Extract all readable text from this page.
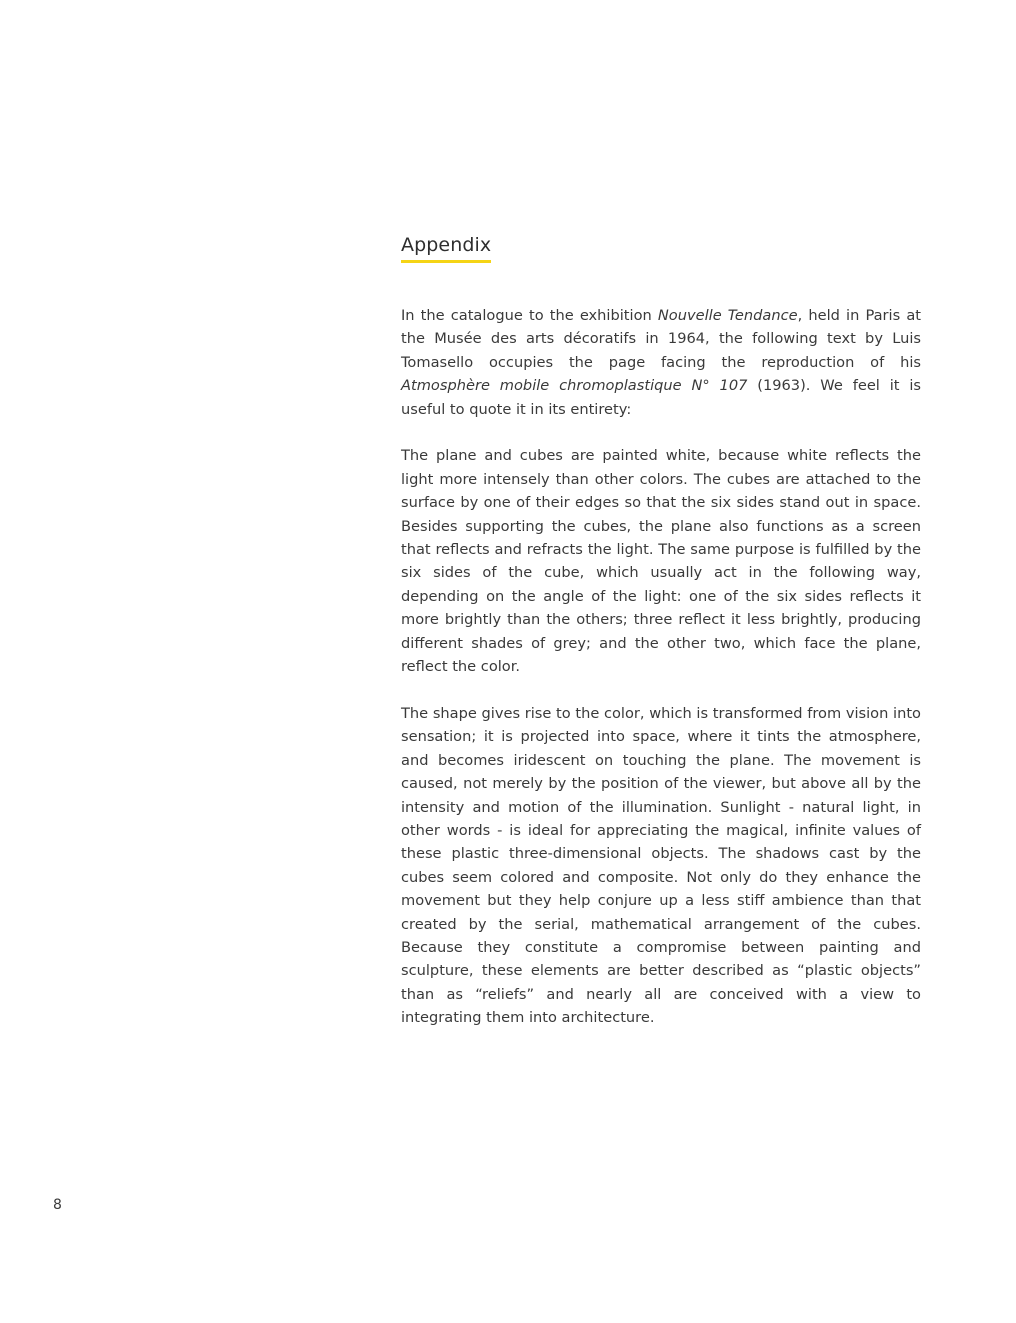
Appendix

In the catalogue to the exhibition Nouvelle Tendance, held in Paris at the Musée des arts décoratifs in 1964, the following text by Luis Tomasello occupies the page facing the reproduction of his Atmosphère mobile chromoplastique N° 107 (1963). We feel it is useful to quote it in its entirety:

The plane and cubes are painted white, because white reflects the light more intensely than other colors. The cubes are attached to the surface by one of their edges so that the six sides stand out in space. Besides supporting the cubes, the plane also functions as a screen that reflects and refracts the light. The same purpose is fulfilled by the six sides of the cube, which usually act in the following way, depending on the angle of the light: one of the six sides reflects it more brightly than the others; three reflect it less brightly, producing different shades of grey; and the other two, which face the plane, reflect the color.

The shape gives rise to the color, which is transformed from vision into sensation; it is projected into space, where it tints the atmosphere, and becomes iridescent on touching the plane. The movement is caused, not merely by the position of the viewer, but above all by the intensity and motion of the illumination. Sunlight - natural light, in other words - is ideal for appreciating the magical, infinite values of these plastic three-dimensional objects. The shadows cast by the cubes seem colored and composite. Not only do they enhance the movement but they help conjure up a less stiff ambience than that created by the serial, mathematical arrangement of the cubes. Because they constitute a compromise between painting and sculpture, these elements are better described as “plastic objects” than as “reliefs” and nearly all are conceived with a view to integrating them into architecture.

8
